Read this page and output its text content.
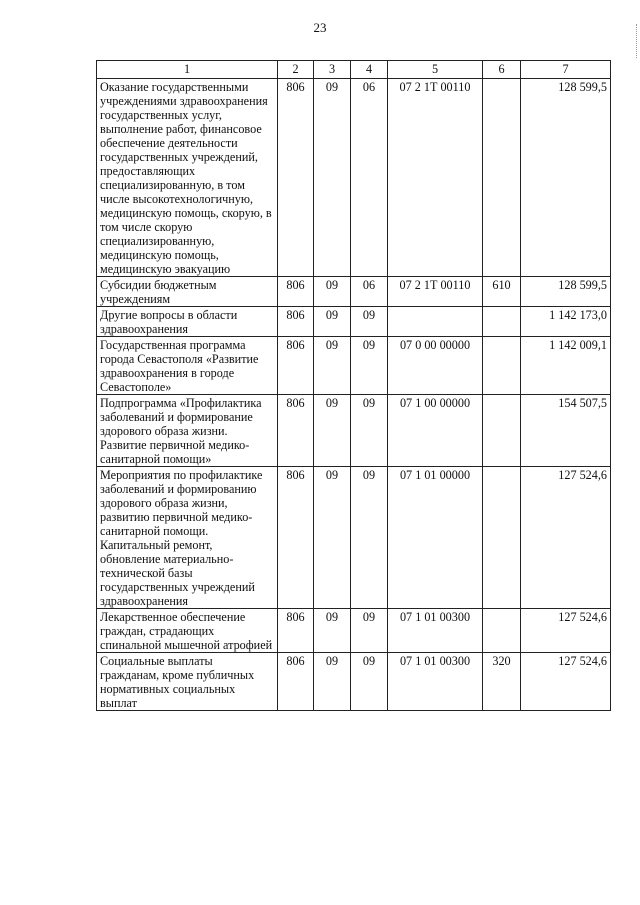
23
1	2	3	4	5	6	7
Оказание государственными учреждениями здравоохранения государственных услуг, выполнение работ, финансовое обеспечение деятельности государственных учреждений, предоставляющих специализированную, в том числе высокотехнологичную, медицинскую помощь, скорую, в том числе скорую специализированную, медицинскую помощь, медицинскую эвакуацию	806	09	06	07 2 1Т 00110		128 599,5
Субсидии бюджетным учреждениям	806	09	06	07 2 1Т 00110	610	128 599,5
Другие вопросы в области здравоохранения	806	09	09			1 142 173,0
Государственная программа города Севастополя «Развитие здравоохранения в городе Севастополе»	806	09	09	07 0 00 00000		1 142 009,1
Подпрограмма «Профилактика заболеваний и формирование здорового образа жизни. Развитие первичной медико-санитарной помощи»	806	09	09	07 1 00 00000		154 507,5
Мероприятия по профилактике заболеваний и формированию здорового образа жизни, развитию первичной медико-санитарной помощи. Капитальный ремонт, обновление материально-технической базы государственных учреждений здравоохранения	806	09	09	07 1 01 00000		127 524,6
Лекарственное обеспечение граждан, страдающих спинальной мышечной атрофией	806	09	09	07 1 01 00300		127 524,6
Социальные выплаты гражданам, кроме публичных нормативных социальных выплат	806	09	09	07 1 01 00300	320	127 524,6
